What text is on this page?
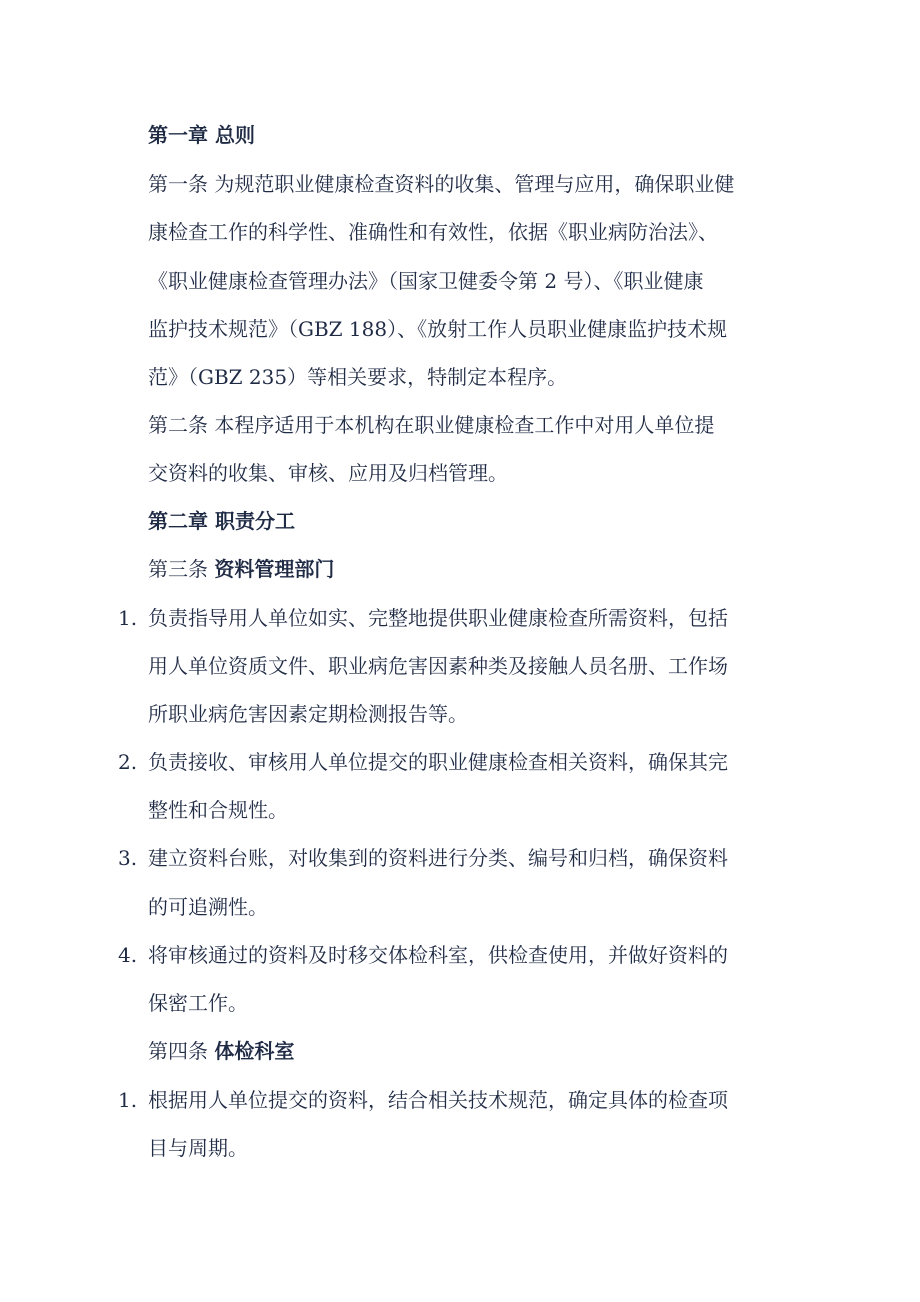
第一章 总则
第一条 为规范职业健康检查资料的收集、管理与应用，确保职业健
康检查工作的科学性、准确性和有效性，依据《职业病防治法》、
《职业健康检查管理办法》（国家卫健委令第 2 号）、《职业健康
监护技术规范》（GBZ 188）、《放射工作人员职业健康监护技术规
范》（GBZ 235）等相关要求，特制定本程序。
第二条 本程序适用于本机构在职业健康检查工作中对用人单位提
交资料的收集、审核、应用及归档管理。
第二章 职责分工
第三条 资料管理部门
1. 负责指导用人单位如实、完整地提供职业健康检查所需资料，包括
用人单位资质文件、职业病危害因素种类及接触人员名册、工作场
所职业病危害因素定期检测报告等。
2. 负责接收、审核用人单位提交的职业健康检查相关资料，确保其完
整性和合规性。
3. 建立资料台账，对收集到的资料进行分类、编号和归档，确保资料
的可追溯性。
4. 将审核通过的资料及时移交体检科室，供检查使用，并做好资料的
保密工作。
第四条 体检科室
1. 根据用人单位提交的资料，结合相关技术规范，确定具体的检查项
目与周期。
